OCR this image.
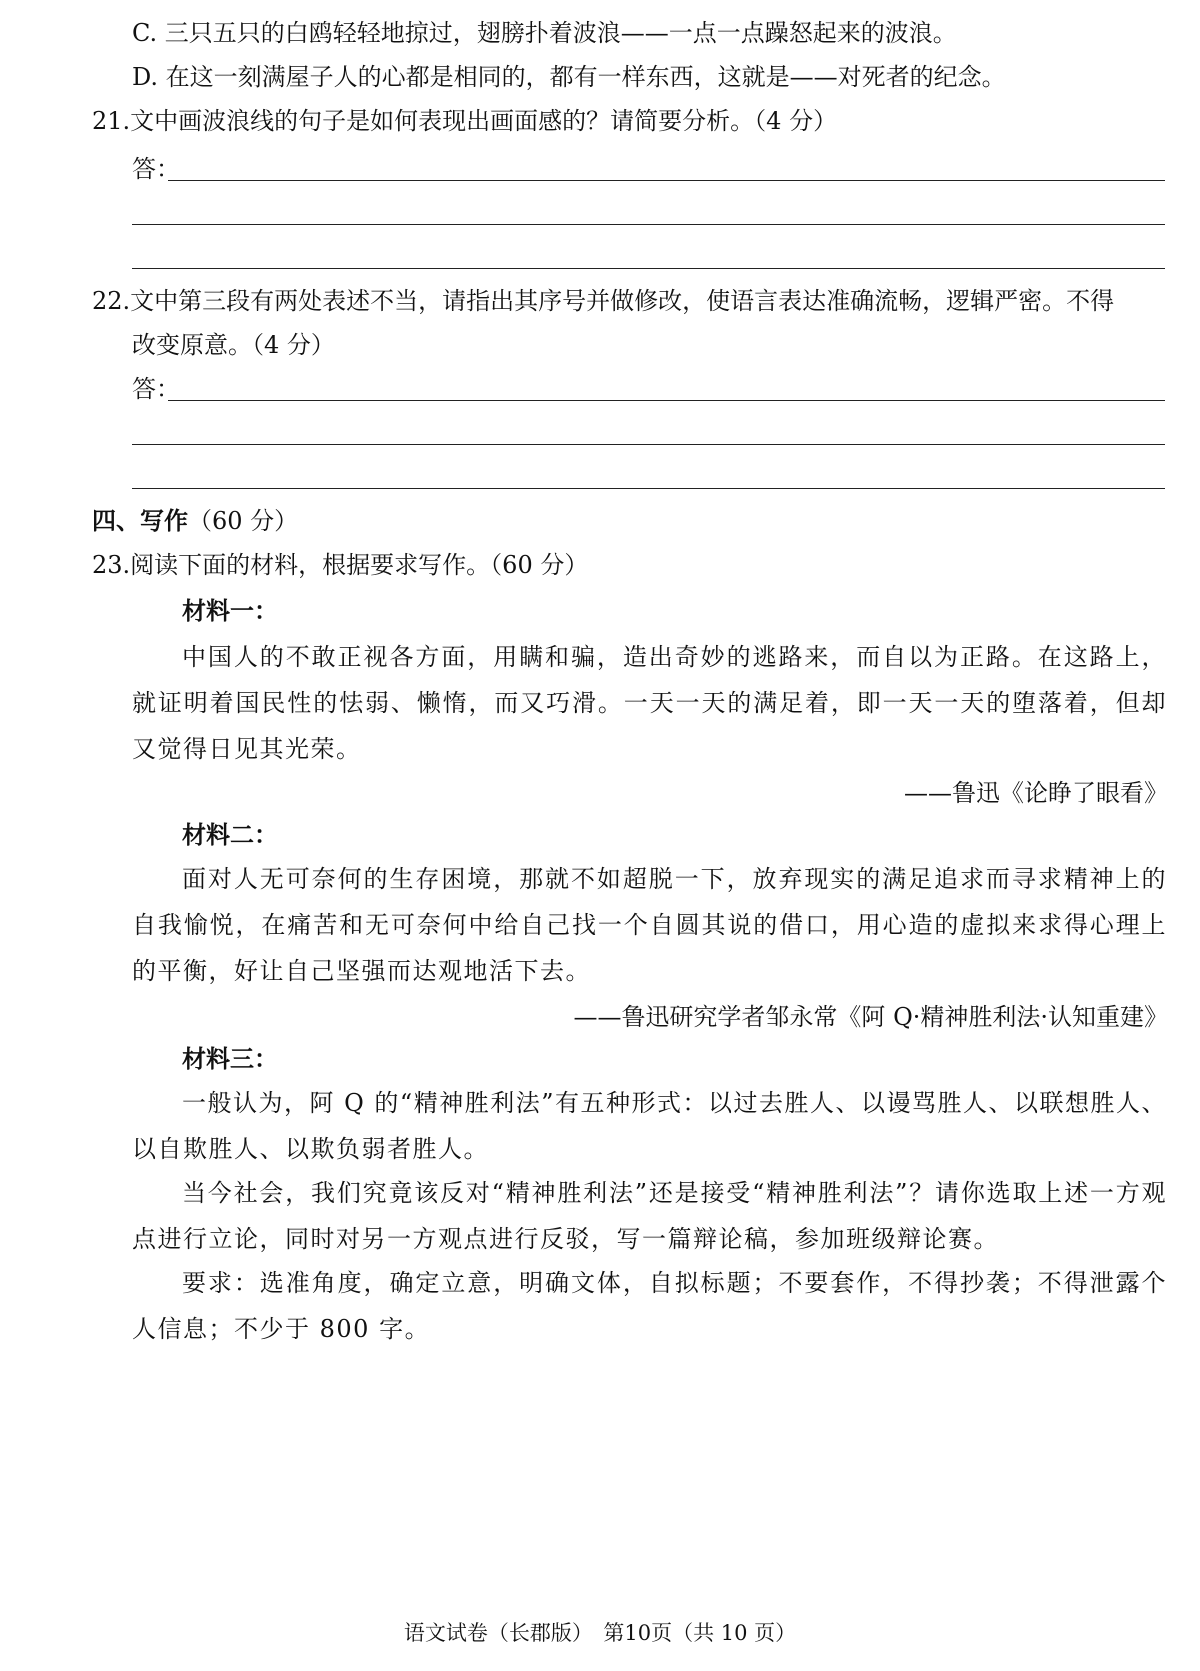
C. 三只五只的白鸥轻轻地掠过，翅膀扑着波浪——一点一点躁怒起来的波浪。
D. 在这一刻满屋子人的心都是相同的，都有一样东西，这就是——对死者的纪念。
21.文中画波浪线的句子是如何表现出画面感的？请简要分析。（4 分）
答：
22.文中第三段有两处表述不当，请指出其序号并做修改，使语言表达准确流畅，逻辑严密。不得
改变原意。（4 分）
答：
四、写作（60 分）
23.阅读下面的材料，根据要求写作。（60 分）
材料一：
中国人的不敢正视各方面，用瞒和骗，造出奇妙的逃路来，而自以为正路。在这路上，就证明着国民性的怯弱、懒惰，而又巧滑。一天一天的满足着，即一天一天的堕落着，但却又觉得日见其光荣。
——鲁迅《论睁了眼看》
材料二：
面对人无可奈何的生存困境，那就不如超脱一下，放弃现实的满足追求而寻求精神上的自我愉悦，在痛苦和无可奈何中给自己找一个自圆其说的借口，用心造的虚拟来求得心理上的平衡，好让自己坚强而达观地活下去。
——鲁迅研究学者邹永常《阿 Q·精神胜利法·认知重建》
材料三：
一般认为，阿 Q 的“精神胜利法”有五种形式：以过去胜人、以谩骂胜人、以联想胜人、以自欺胜人、以欺负弱者胜人。
当今社会，我们究竟该反对“精神胜利法”还是接受“精神胜利法”？请你选取上述一方观点进行立论，同时对另一方观点进行反驳，写一篇辩论稿，参加班级辩论赛。
要求：选准角度，确定立意，明确文体，自拟标题；不要套作，不得抄袭；不得泄露个人信息；不少于 800 字。
语文试卷（长郡版）　第10页（共 10 页）
